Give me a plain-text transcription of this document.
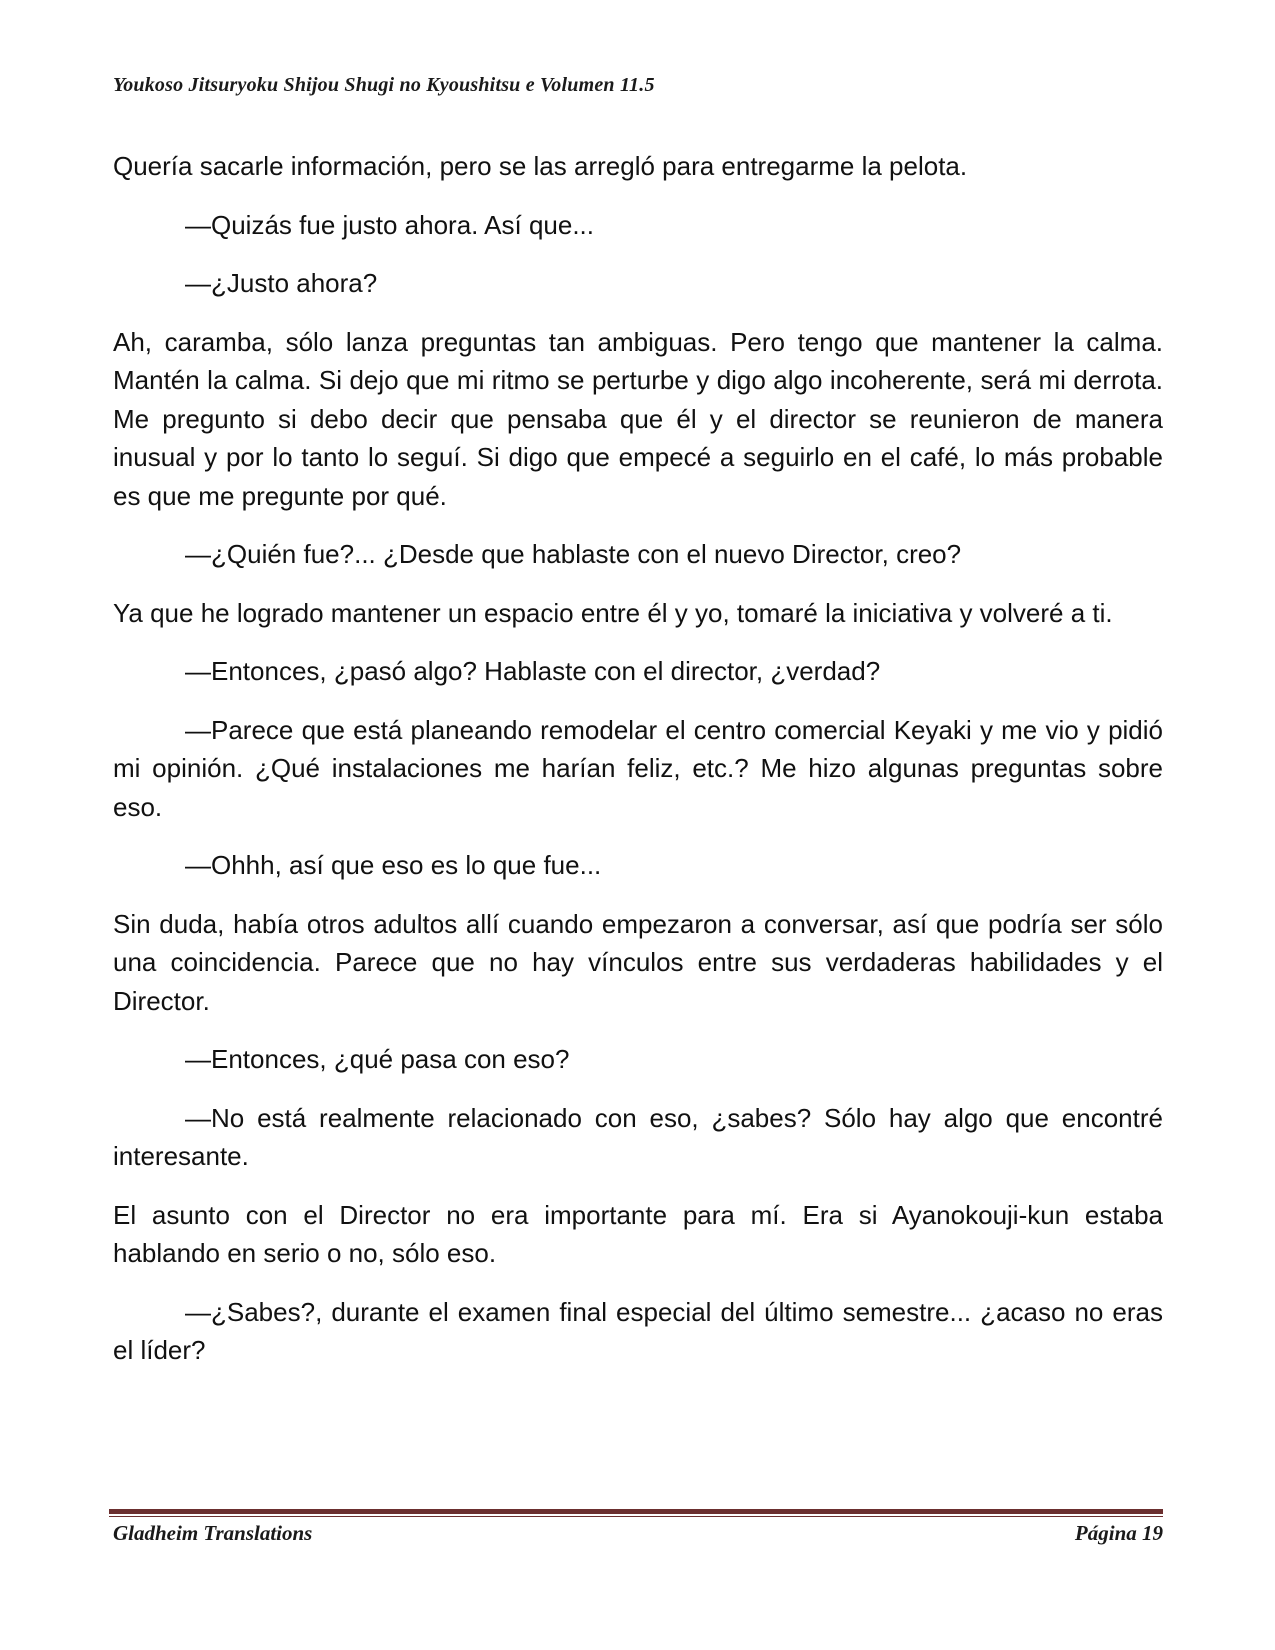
Youkoso Jitsuryoku Shijou Shugi no Kyoushitsu e Volumen 11.5

Quería sacarle información, pero se las arregló para entregarme la pelota.

—Quizás fue justo ahora. Así que...

—¿Justo ahora?

Ah, caramba, sólo lanza preguntas tan ambiguas. Pero tengo que mantener la calma. Mantén la calma. Si dejo que mi ritmo se perturbe y digo algo incoherente, será mi derrota. Me pregunto si debo decir que pensaba que él y el director se reunieron de manera inusual y por lo tanto lo seguí. Si digo que empecé a seguirlo en el café, lo más probable es que me pregunte por qué.

—¿Quién fue?... ¿Desde que hablaste con el nuevo Director, creo?

Ya que he logrado mantener un espacio entre él y yo, tomaré la iniciativa y volveré a ti.

—Entonces, ¿pasó algo? Hablaste con el director, ¿verdad?

—Parece que está planeando remodelar el centro comercial Keyaki y me vio y pidió mi opinión. ¿Qué instalaciones me harían feliz, etc.? Me hizo algunas preguntas sobre eso.

—Ohhh, así que eso es lo que fue...

Sin duda, había otros adultos allí cuando empezaron a conversar, así que podría ser sólo una coincidencia. Parece que no hay vínculos entre sus verdaderas habilidades y el Director.

—Entonces, ¿qué pasa con eso?

—No está realmente relacionado con eso, ¿sabes? Sólo hay algo que encontré interesante.

El asunto con el Director no era importante para mí. Era si Ayanokouji-kun estaba hablando en serio o no, sólo eso.

—¿Sabes?, durante el examen final especial del último semestre... ¿acaso no eras el líder?

Gladheim Translations	Página 19
